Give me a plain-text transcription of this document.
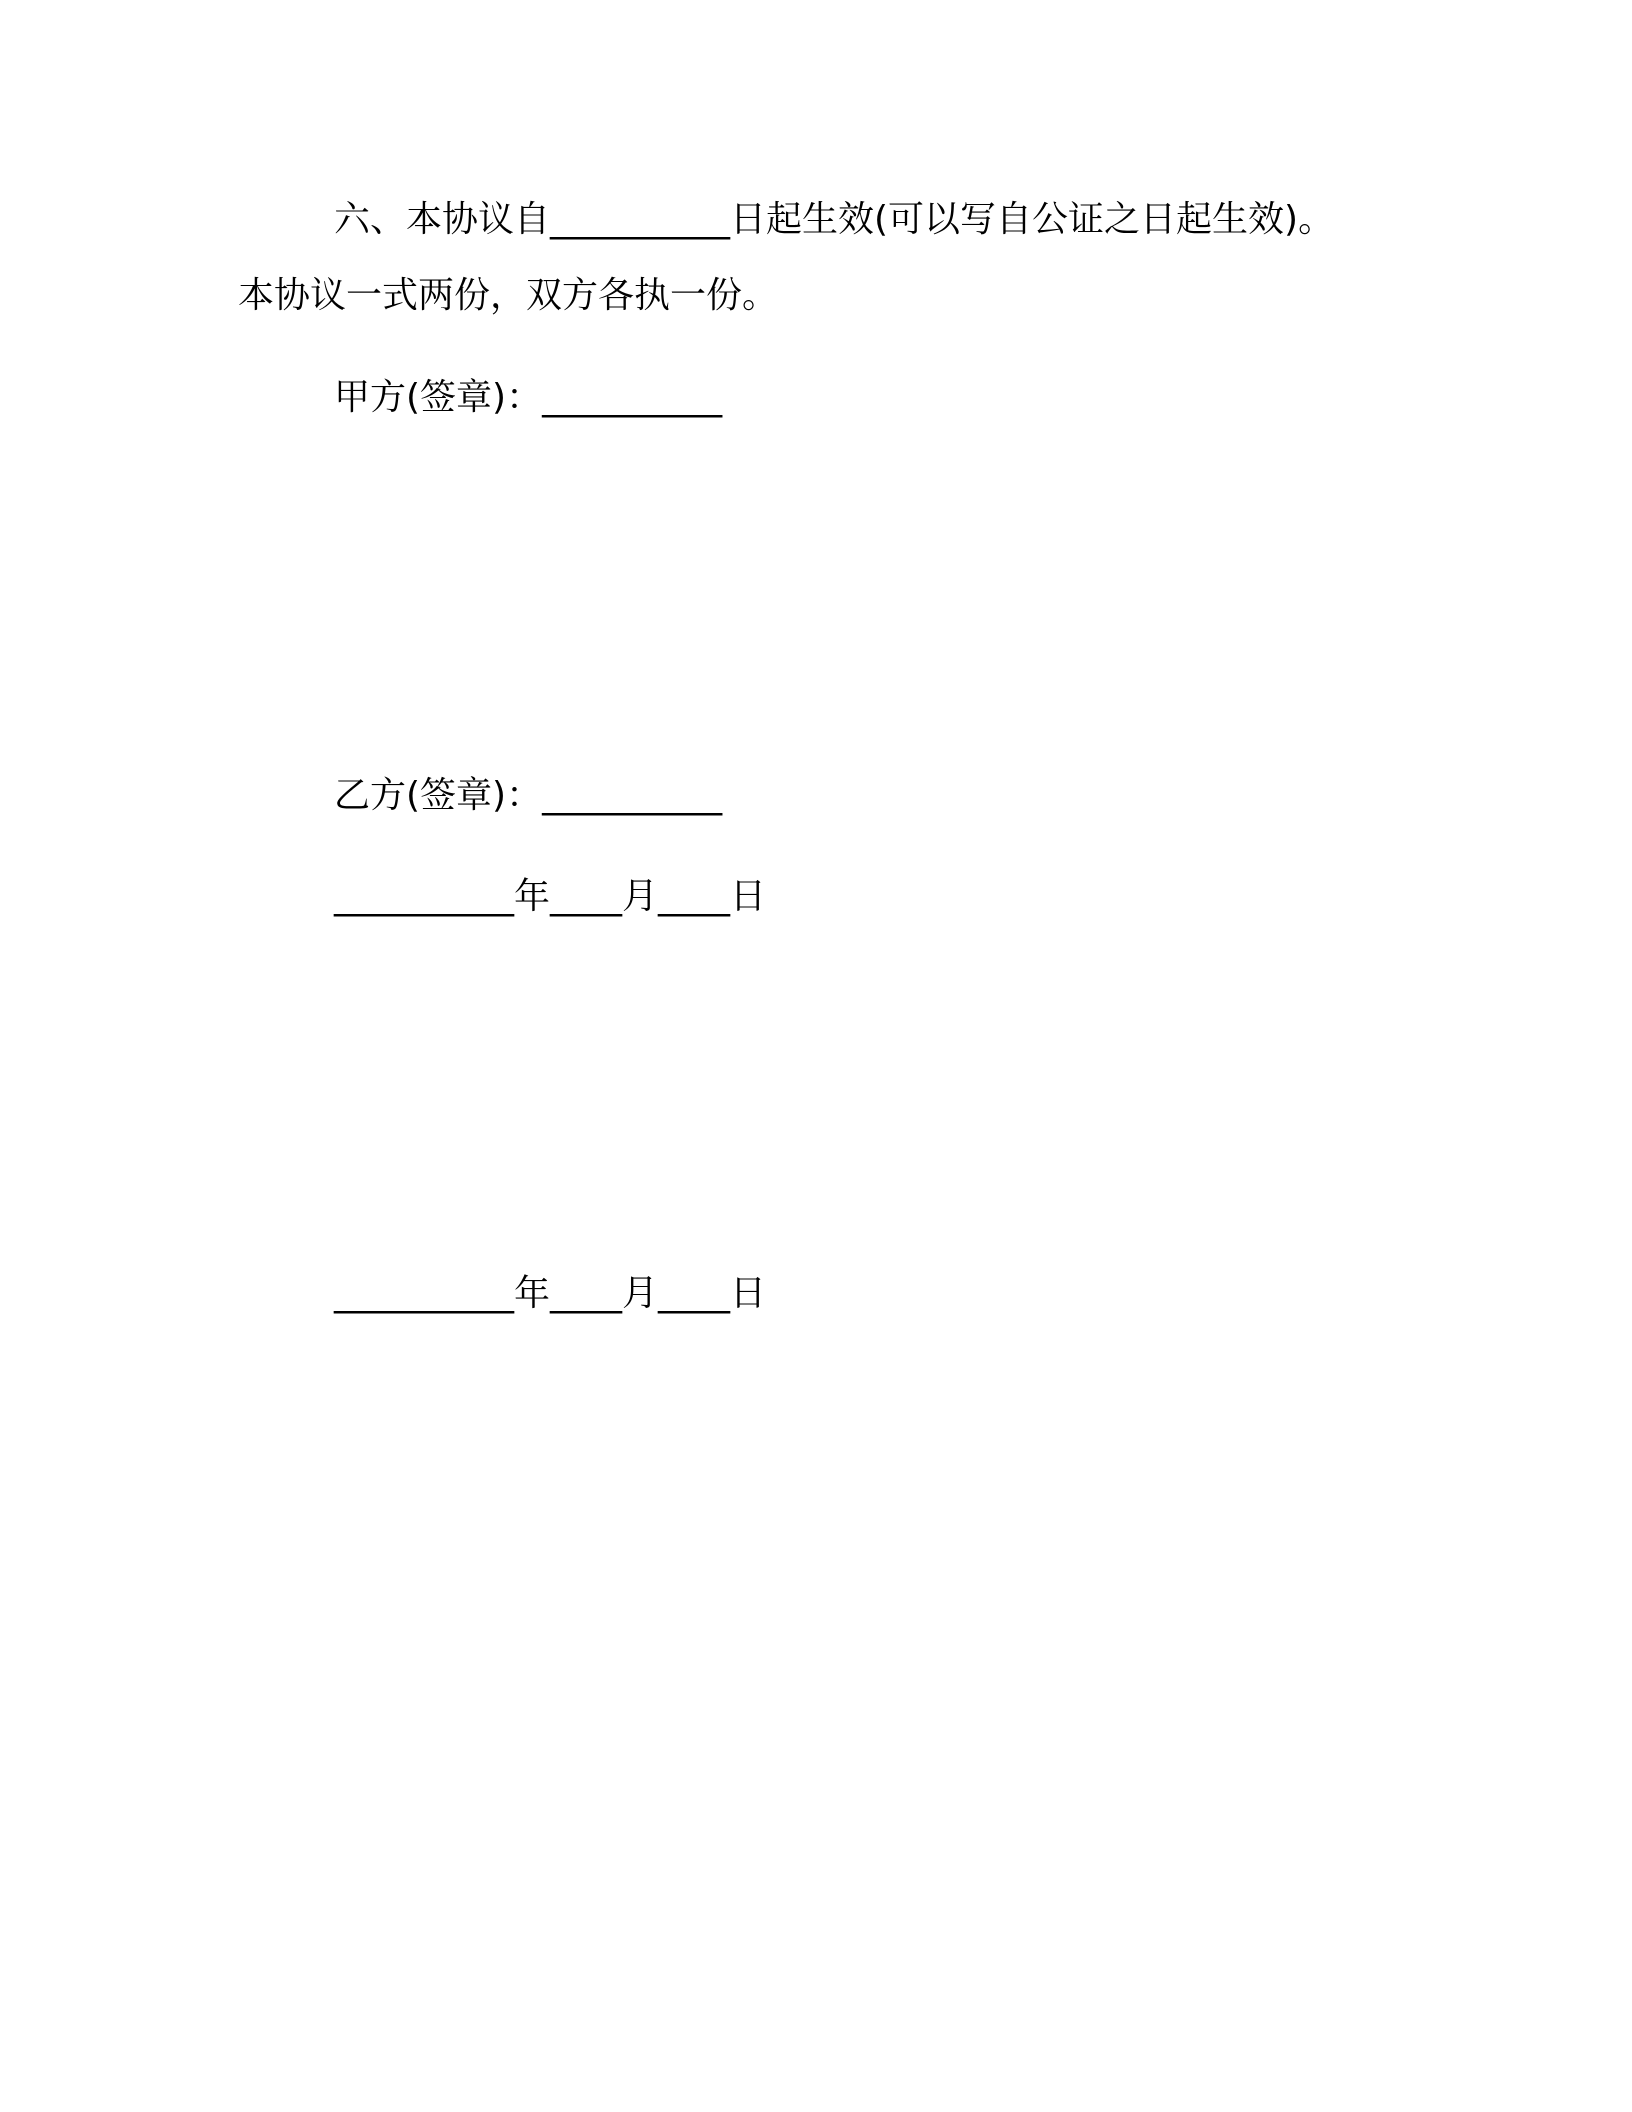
六、本协议自__________日起生效(可以写自公证之日起生效)。
本协议一式两份，双方各执一份。
甲方(签章)：__________
乙方(签章)：__________
__________年____月____日
__________年____月____日
